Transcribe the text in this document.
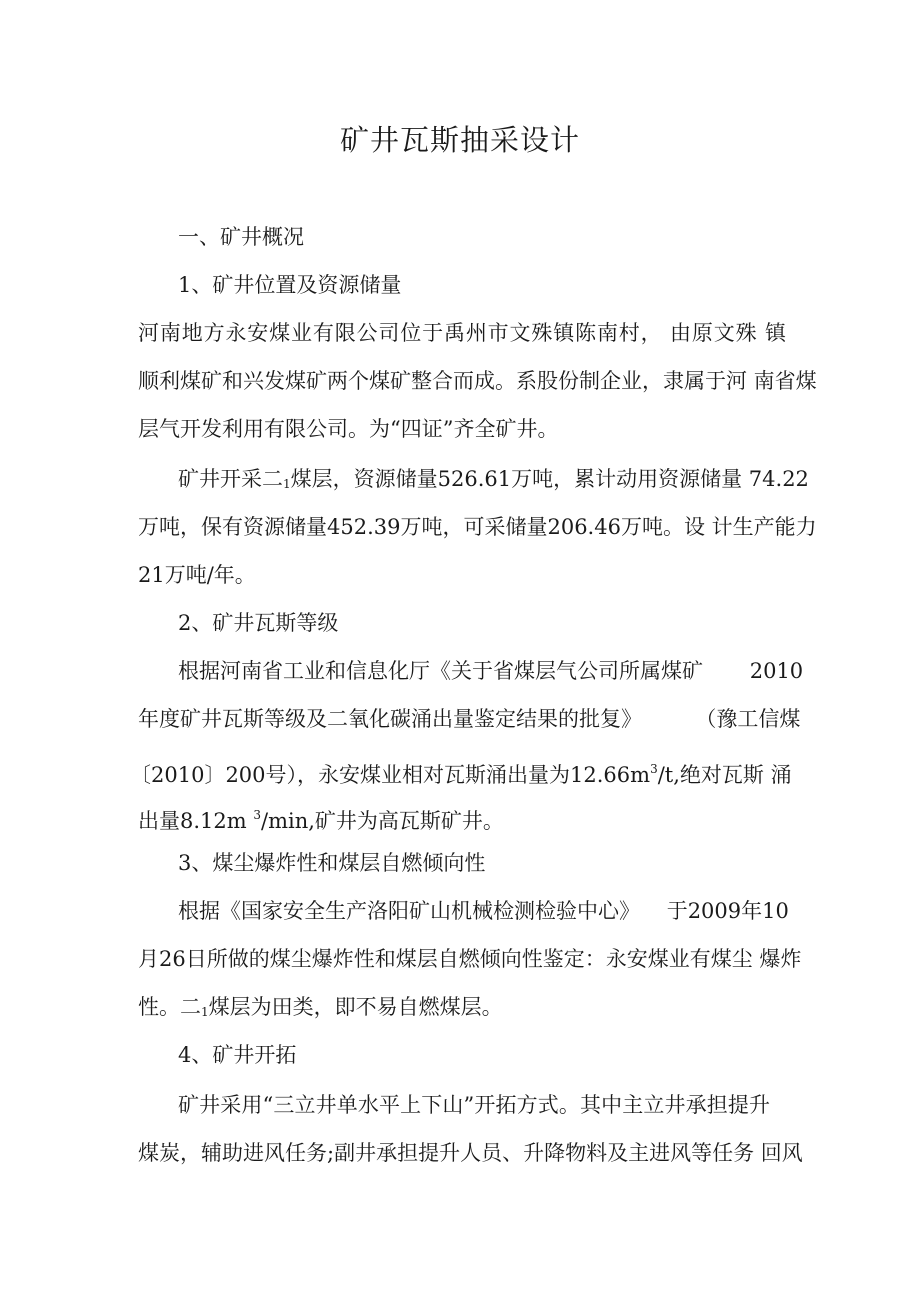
矿井瓦斯抽采设计
一、矿井概况
1、矿井位置及资源储量
河南地方永安煤业有限公司位于禹州市文殊镇陈南村， 由原文殊 镇
顺利煤矿和兴发煤矿两个煤矿整合而成。系股份制企业，隶属于河 南省煤
层气开发利用有限公司。为“四证”齐全矿井。
矿井开采二$_1$煤层，资源储量526.61万吨，累计动用资源储量 74.22
万吨，保有资源储量452.39万吨，可采储量206.46万吨。设 计生产能力
21万吨/年。
2、矿井瓦斯等级
根据河南省工业和信息化厅《关于省煤层气公司所属煤矿       2010
年度矿井瓦斯等级及二氧化碳涌出量鉴定结果的批复》        （豫工信煤
〔2010〕200号），永安煤业相对瓦斯涌出量为$12.66m^3/t$,绝对瓦斯 涌
出量8.12m $^3$/min,矿井为高瓦斯矿井。
3、煤尘爆炸性和煤层自燃倾向性
根据《国家安全生产洛阳矿山机械检测检验中心》    于2009年10
月26日所做的煤尘爆炸性和煤层自燃倾向性鉴定：永安煤业有煤尘 爆炸
性。二$_1$煤层为田类，即不易自燃煤层。
4、矿井开拓
矿井采用“三立井单水平上下山”开拓方式。其中主立井承担提升
煤炭，辅助进风任务;副井承担提升人员、升降物料及主进风等任务 回风
